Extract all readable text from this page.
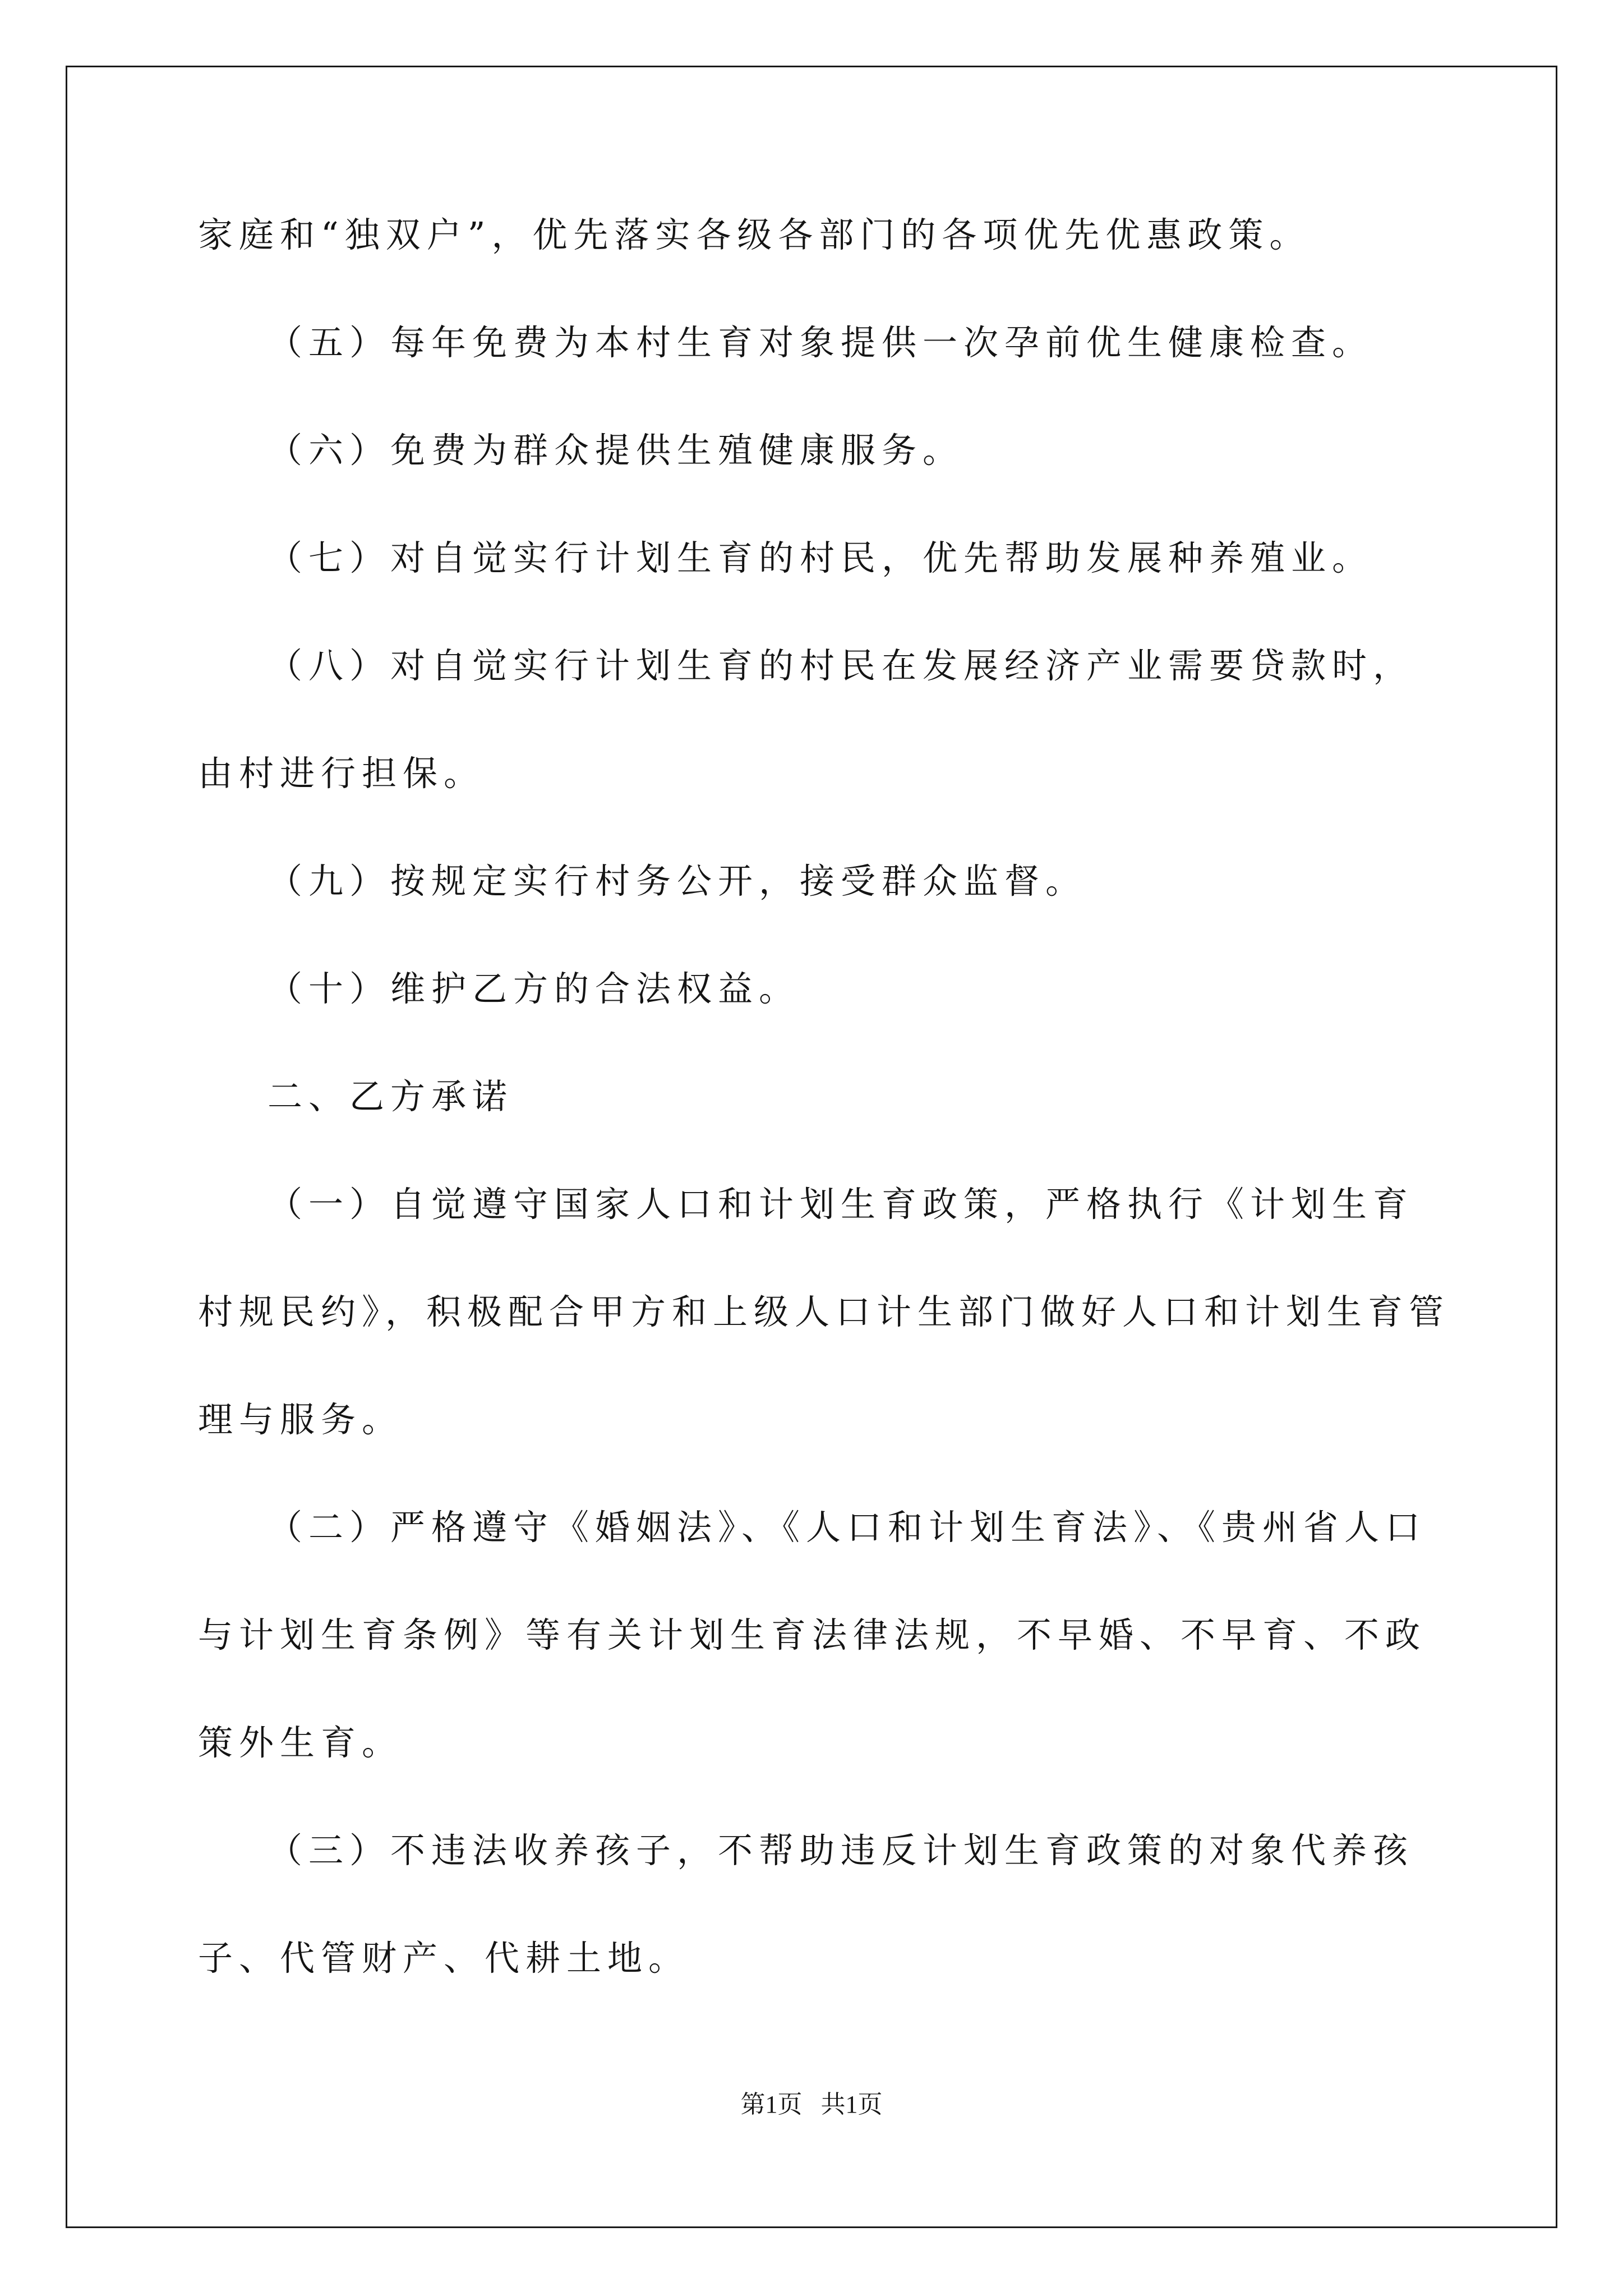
家庭和“独双户”，优先落实各级各部门的各项优先优惠政策。

（五）每年免费为本村生育对象提供一次孕前优生健康检查。

（六）免费为群众提供生殖健康服务。

（七）对自觉实行计划生育的村民，优先帮助发展种养殖业。

（八）对自觉实行计划生育的村民在发展经济产业需要贷款时，

由村进行担保。

（九）按规定实行村务公开，接受群众监督。

（十）维护乙方的合法权益。

二、乙方承诺

（一）自觉遵守国家人口和计划生育政策，严格执行《计划生育

村规民约》，积极配合甲方和上级人口计生部门做好人口和计划生育管

理与服务。

（二）严格遵守《婚姻法》、《人口和计划生育法》、《贵州省人口

与计划生育条例》等有关计划生育法律法规，不早婚、不早育、不政

策外生育。

（三）不违法收养孩子，不帮助违反计划生育政策的对象代养孩

子、代管财产、代耕土地。

第1页   共1页
